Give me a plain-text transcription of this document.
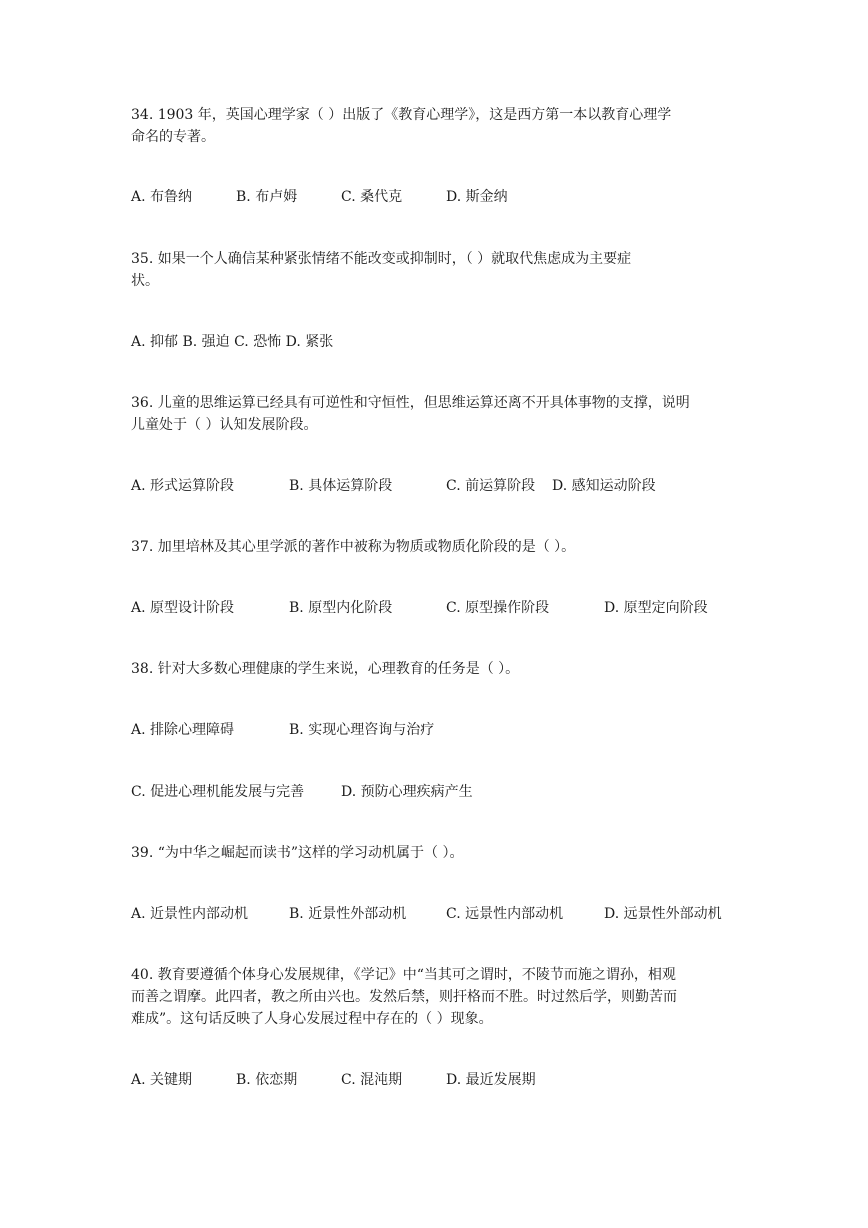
34. 1903 年，英国心理学家（ ）出版了《教育心理学》，这是西方第一本以教育心理学
命名的专著。
A. 布鲁纳	B. 布卢姆	C. 桑代克	D. 斯金纳
35. 如果一个人确信某种紧张情绪不能改变或抑制时，（ ）就取代焦虑成为主要症
状。
A. 抑郁 B. 强迫 C. 恐怖 D. 紧张
36. 儿童的思维运算已经具有可逆性和守恒性，但思维运算还离不开具体事物的支撑，说明
儿童处于（ ）认知发展阶段。
A. 形式运算阶段	B. 具体运算阶段	C. 前运算阶段 D. 感知运动阶段
37. 加里培林及其心里学派的著作中被称为物质或物质化阶段的是（ ）。
A. 原型设计阶段	B. 原型内化阶段	C. 原型操作阶段	D. 原型定向阶段
38. 针对大多数心理健康的学生来说，心理教育的任务是（ ）。
A. 排除心理障碍	B. 实现心理咨询与治疗
C. 促进心理机能发展与完善	D. 预防心理疾病产生
39. “为中华之崛起而读书”这样的学习动机属于（ ）。
A. 近景性内部动机	B. 近景性外部动机	C. 远景性内部动机	D. 远景性外部动机
40. 教育要遵循个体身心发展规律，《学记》中“当其可之谓时，不陵节而施之谓孙，相观
而善之谓摩。此四者，教之所由兴也。发然后禁，则扞格而不胜。时过然后学，则勤苦而
难成”。这句话反映了人身心发展过程中存在的（ ）现象。
A. 关键期	B. 依恋期	C. 混沌期	D. 最近发展期
